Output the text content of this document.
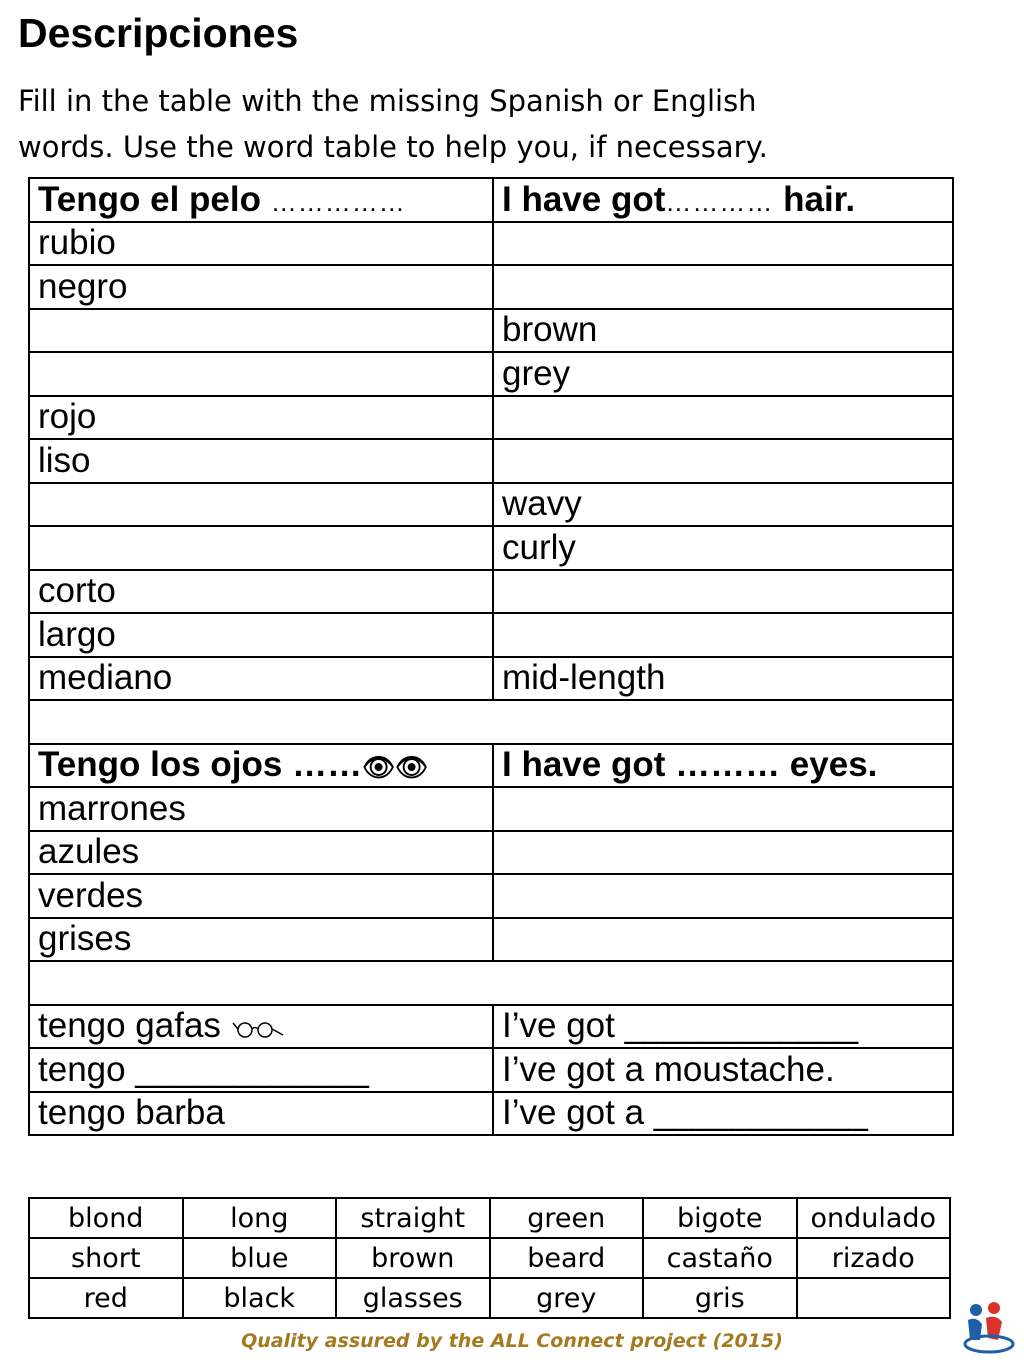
Descripciones
Fill in the table with the missing Spanish or English words. Use the word table to help you, if necessary.
Tengo el pelo ……………	I have got………… hair.
rubio	
negro	
	brown
	grey
rojo	
liso	
	wavy
	curly
corto	
largo	
mediano	mid-length

Tengo los ojos ……👁👁	I have got ……… eyes.
marrones	
azules	
verdes	
grises	

tengo gafas	I’ve got ____________
tengo ____________	I’ve got a moustache.
tengo barba	I’ve got a ___________
blond	long	straight	green	bigote	ondulado
short	blue	brown	beard	castaño	rizado
red	black	glasses	grey	gris	
Quality assured by the ALL Connect project (2015)
